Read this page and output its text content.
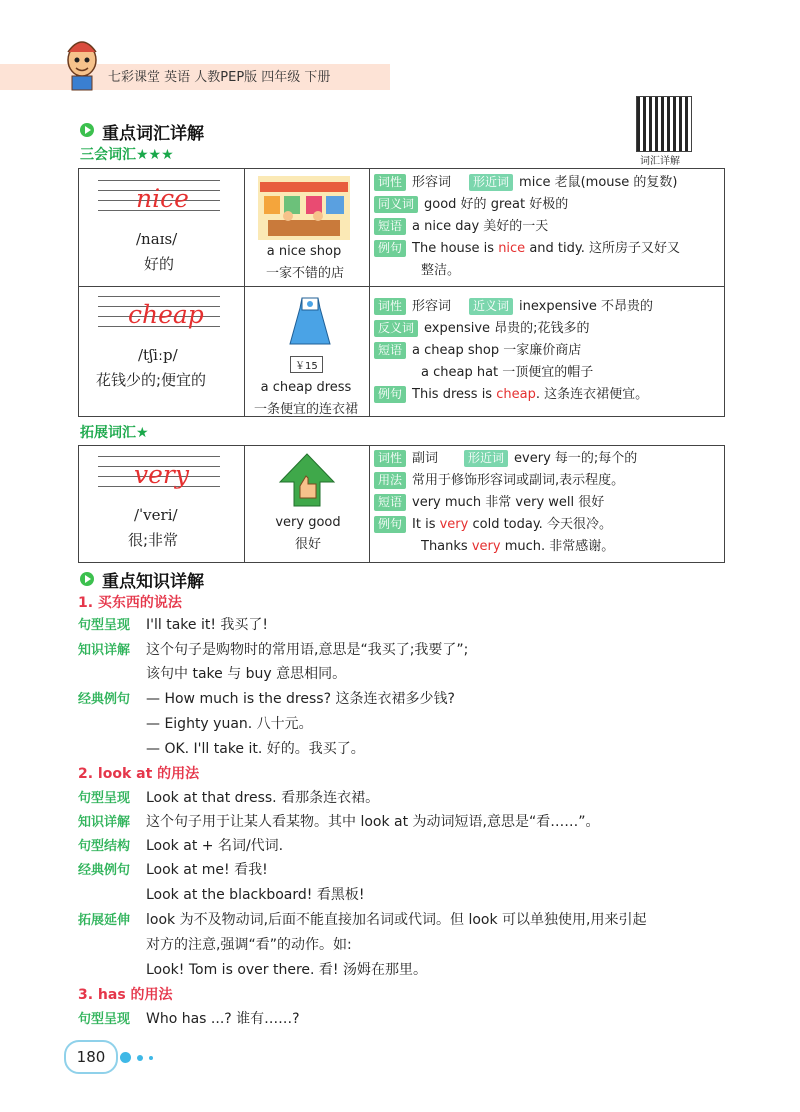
七彩课堂 英语 人教PEP版 四年级 下册
词汇详解
重点词汇详解
三会词汇★★★
nice
/naɪs/
好的
a nice shop
一家不错的店
词性 形容词 形近词 mice 老鼠(mouse 的复数)
同义词 good 好的 great 好极的
短语 a nice day 美好的一天
例句 The house is nice and tidy. 这所房子又好又
整洁。
cheap
/tʃiːp/
花钱少的;便宜的
￥15
a cheap dress
一条便宜的连衣裙
词性 形容词 近义词 inexpensive 不昂贵的
反义词 expensive 昂贵的;花钱多的
短语 a cheap shop 一家廉价商店
a cheap hat 一顶便宜的帽子
例句 This dress is cheap. 这条连衣裙便宜。
拓展词汇★
very
/ˈveri/
很;非常
very good
很好
词性 副词	形近词 every 每一的;每个的
用法 常用于修饰形容词或副词,表示程度。
短语 very much 非常 very well 很好
例句 It is very cold today. 今天很冷。
Thanks very much. 非常感谢。
重点知识详解
1. 买东西的说法
句型呈现 I'll take it! 我买了!
知识详解 这个句子是购物时的常用语,意思是“我买了;我要了”;
该句中 take 与 buy 意思相同。
经典例句 — How much is the dress? 这条连衣裙多少钱?
— Eighty yuan. 八十元。
— OK. I'll take it. 好的。我买了。
2. look at 的用法
句型呈现 Look at that dress. 看那条连衣裙。
知识详解 这个句子用于让某人看某物。其中 look at 为动词短语,意思是“看……”。
句型结构 Look at + 名词/代词.
经典例句 Look at me! 看我!
Look at the blackboard! 看黑板!
拓展延伸 look 为不及物动词,后面不能直接加名词或代词。但 look 可以单独使用,用来引起
对方的注意,强调“看”的动作。如:
Look! Tom is over there. 看! 汤姆在那里。
3. has 的用法
句型呈现 Who has ...? 谁有……?
180
